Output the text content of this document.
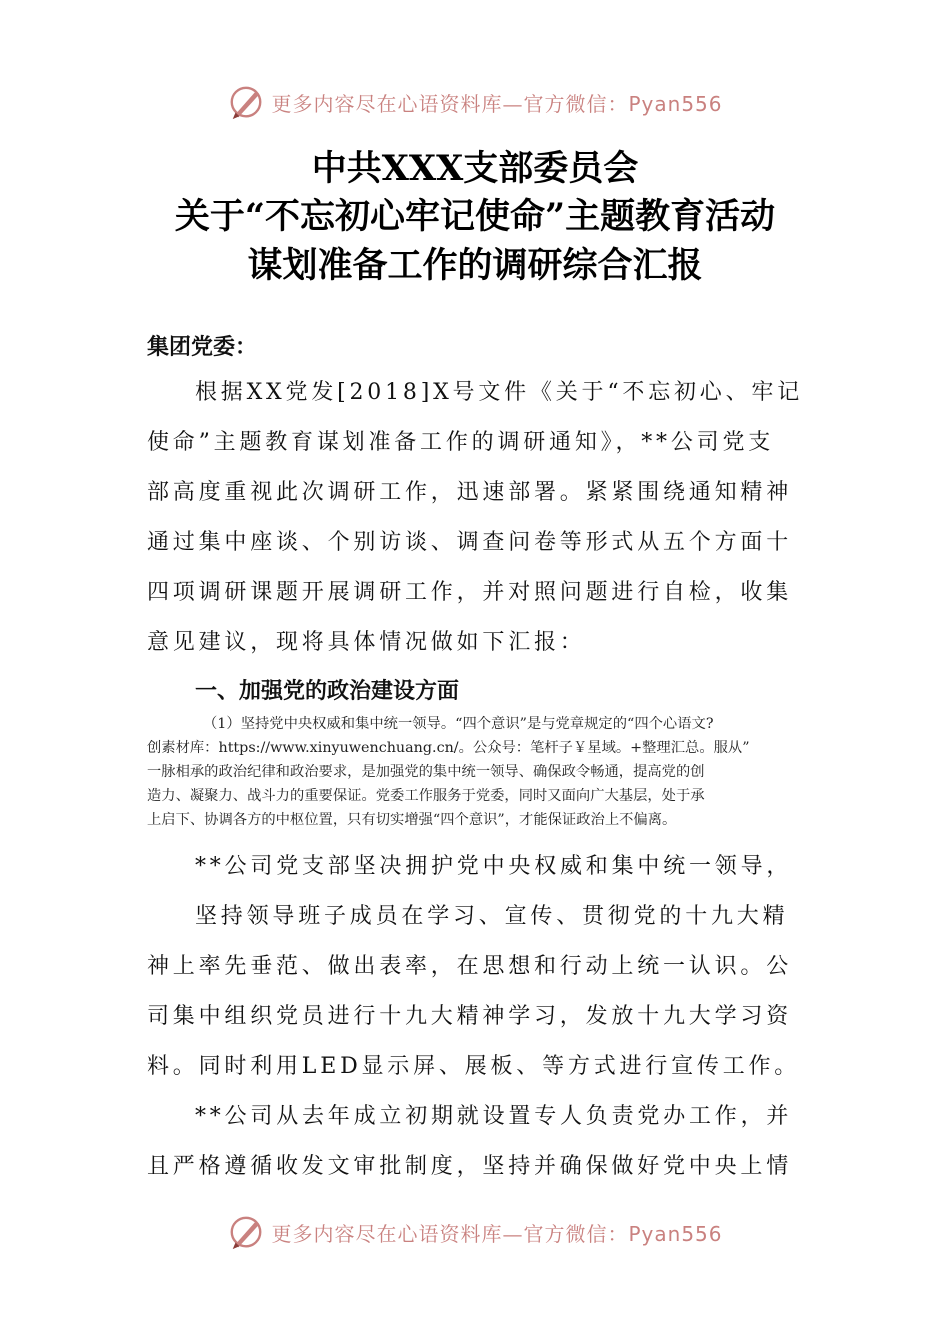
更多内容尽在心语资料库—官方微信：Pyan556
中共XXX支部委员会
关于“不忘初心牢记使命”主题教育活动
谋划准备工作的调研综合汇报
集团党委：
根据XX党发[2018]X号文件《关于“不忘初心、牢记
使命”主题教育谋划准备工作的调研通知》，**公司党支
部高度重视此次调研工作，迅速部署。紧紧围绕通知精神
通过集中座谈、个别访谈、调查问卷等形式从五个方面十
四项调研课题开展调研工作，并对照问题进行自检，收集
意见建议，现将具体情况做如下汇报：
一、加强党的政治建设方面
（1）坚持党中央权威和集中统一领导。“四个意识”是与党章规定的“四个心语文?
创素材库：https://www.xinyuwenchuang.cn/。公众号：笔杆子￥星域。+整理汇总。服从”
一脉相承的政治纪律和政治要求，是加强党的集中统一领导、确保政令畅通，提高党的创
造力、凝聚力、战斗力的重要保证。党委工作服务于党委，同时又面向广大基层，处于承
上启下、协调各方的中枢位置，只有切实增强“四个意识”，才能保证政治上不偏离。
**公司党支部坚决拥护党中央权威和集中统一领导，
坚持领导班子成员在学习、宣传、贯彻党的十九大精
神上率先垂范、做出表率，在思想和行动上统一认识。公
司集中组织党员进行十九大精神学习，发放十九大学习资
料。同时利用LED显示屏、展板、等方式进行宣传工作。
**公司从去年成立初期就设置专人负责党办工作，并
且严格遵循收发文审批制度，坚持并确保做好党中央上情
更多内容尽在心语资料库—官方微信：Pyan556
